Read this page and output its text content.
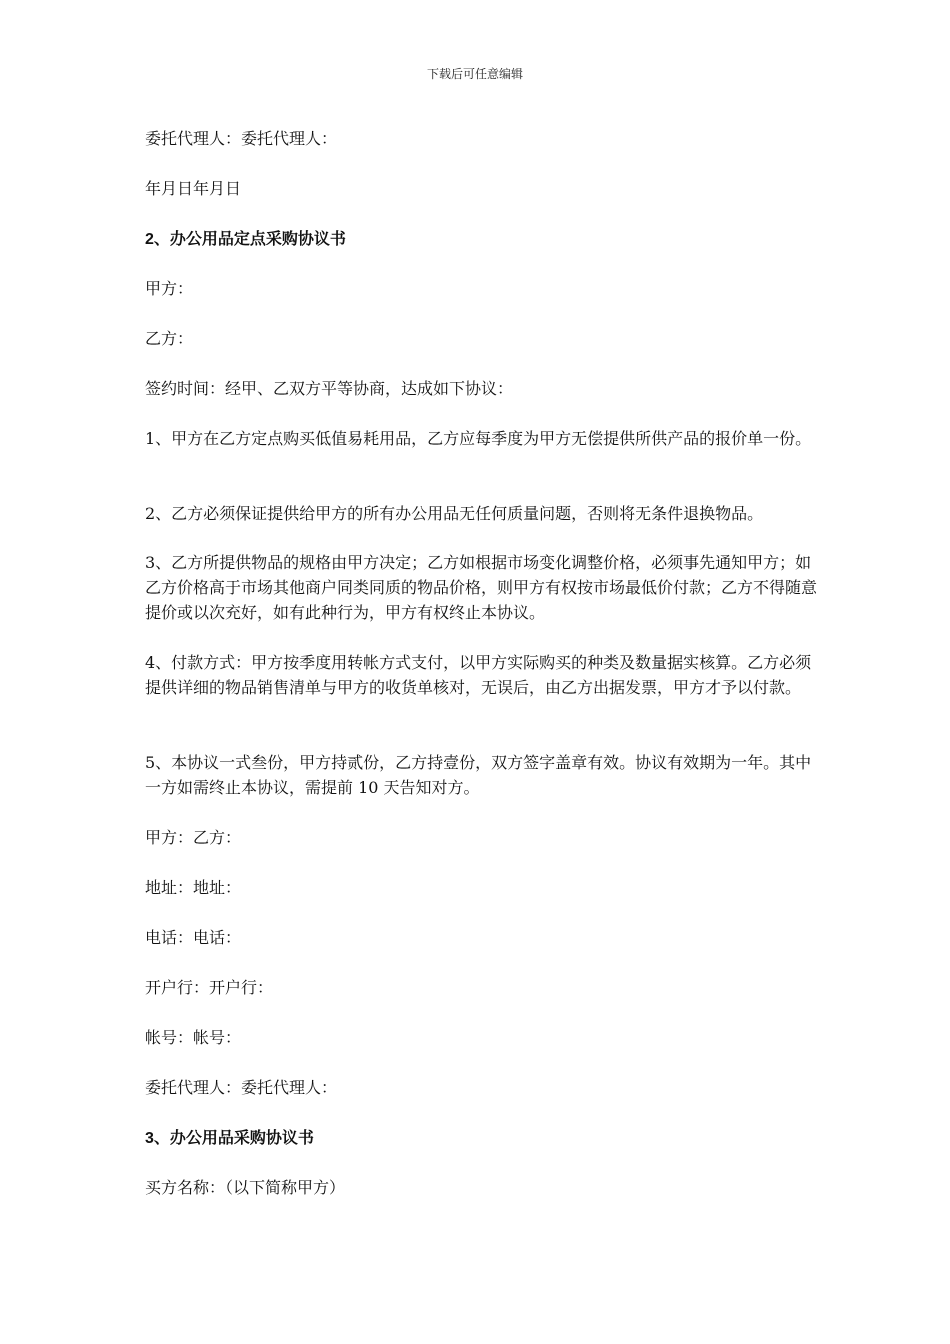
下载后可任意编辑
委托代理人：委托代理人：
年月日年月日
2、办公用品定点采购协议书
甲方：
乙方：
签约时间：经甲、乙双方平等协商，达成如下协议：
1、甲方在乙方定点购买低值易耗用品，乙方应每季度为甲方无偿提供所供产品的报价单一份。
2、乙方必须保证提供给甲方的所有办公用品无任何质量问题，否则将无条件退换物品。
3、乙方所提供物品的规格由甲方决定；乙方如根据市场变化调整价格，必须事先通知甲方；如乙方价格高于市场其他商户同类同质的物品价格，则甲方有权按市场最低价付款；乙方不得随意提价或以次充好，如有此种行为，甲方有权终止本协议。
4、付款方式：甲方按季度用转帐方式支付，以甲方实际购买的种类及数量据实核算。乙方必须提供详细的物品销售清单与甲方的收货单核对，无误后，由乙方出据发票，甲方才予以付款。
5、本协议一式叁份，甲方持贰份，乙方持壹份，双方签字盖章有效。协议有效期为一年。其中一方如需终止本协议，需提前 10 天告知对方。
甲方：乙方：
地址：地址：
电话：电话：
开户行：开户行：
帐号：帐号：
委托代理人：委托代理人：
3、办公用品采购协议书
买方名称：（以下简称甲方）
